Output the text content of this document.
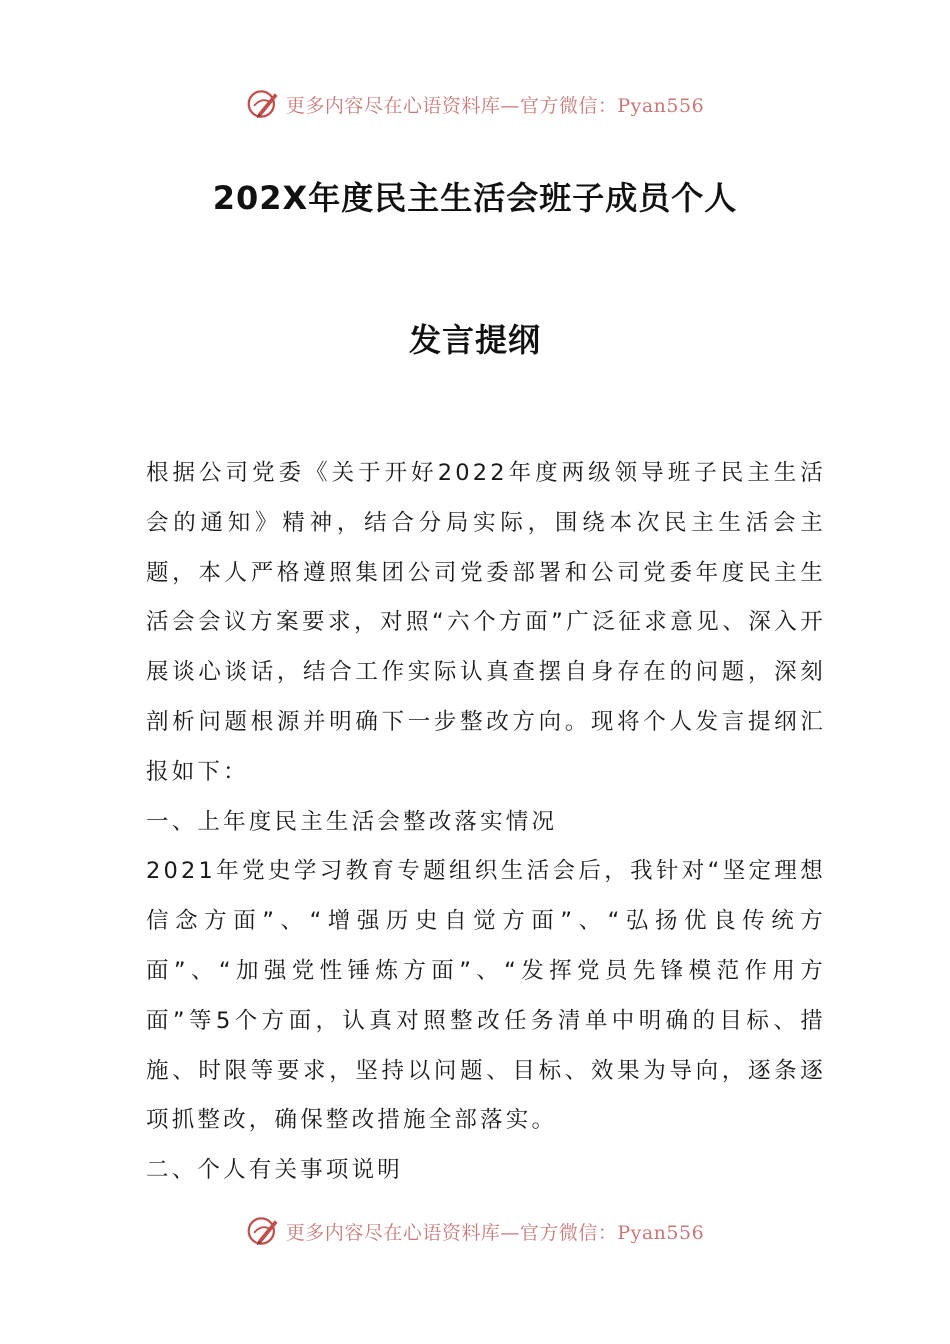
更多内容尽在心语资料库—官方微信：Pyan556
202X年度民主生活会班子成员个人
发言提纲

根据公司党委《关于开好2022年度两级领导班子民主生活会的通知》精神，结合分局实际，围绕本次民主生活会主题，本人严格遵照集团公司党委部署和公司党委年度民主生活会会议方案要求，对照“六个方面”广泛征求意见、深入开展谈心谈话，结合工作实际认真查摆自身存在的问题，深刻剖析问题根源并明确下一步整改方向。现将个人发言提纲汇报如下：

一、上年度民主生活会整改落实情况

2021年党史学习教育专题组织生活会后，我针对“坚定理想信念方面”、“增强历史自觉方面”、“弘扬优良传统方面”、“加强党性锤炼方面”、“发挥党员先锋模范作用方面”等5个方面，认真对照整改任务清单中明确的目标、措施、时限等要求，坚持以问题、目标、效果为导向，逐条逐项抓整改，确保整改措施全部落实。

二、个人有关事项说明

更多内容尽在心语资料库—官方微信：Pyan556
